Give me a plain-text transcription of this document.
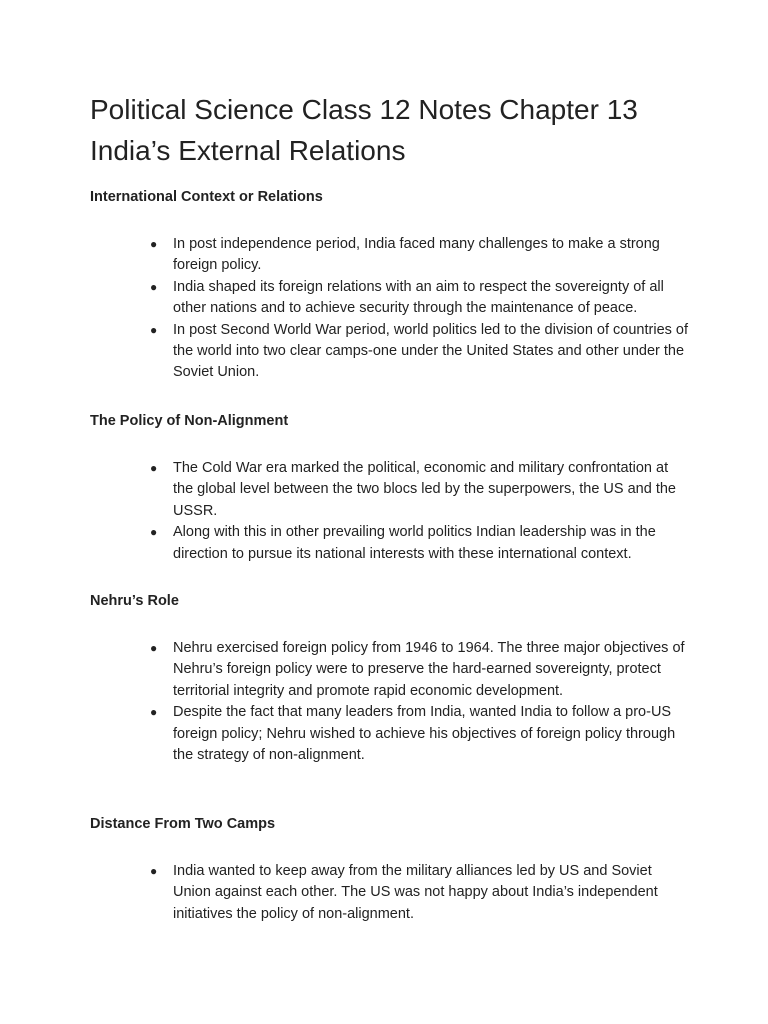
Political Science Class 12 Notes Chapter 13 India’s External Relations
International Context or Relations
● In post independence period, India faced many challenges to make a strong foreign policy.
● India shaped its foreign relations with an aim to respect the sovereignty of all other nations and to achieve security through the maintenance of peace.
● In post Second World War period, world politics led to the division of countries of the world into two clear camps-one under the United States and other under the Soviet Union.
The Policy of Non-Alignment
● The Cold War era marked the political, economic and military confrontation at the global level between the two blocs led by the superpowers, the US and the USSR.
● Along with this in other prevailing world politics Indian leadership was in the direction to pursue its national interests with these international context.
Nehru’s Role
● Nehru exercised foreign policy from 1946 to 1964. The three major objectives of Nehru’s foreign policy were to preserve the hard-earned sovereignty, protect territorial integrity and promote rapid economic development.
● Despite the fact that many leaders from India, wanted India to follow a pro-US foreign policy; Nehru wished to achieve his objectives of foreign policy through the strategy of non-alignment.
Distance From Two Camps
● India wanted to keep away from the military alliances led by US and Soviet Union against each other. The US was not happy about India’s independent initiatives the policy of non-alignment.
